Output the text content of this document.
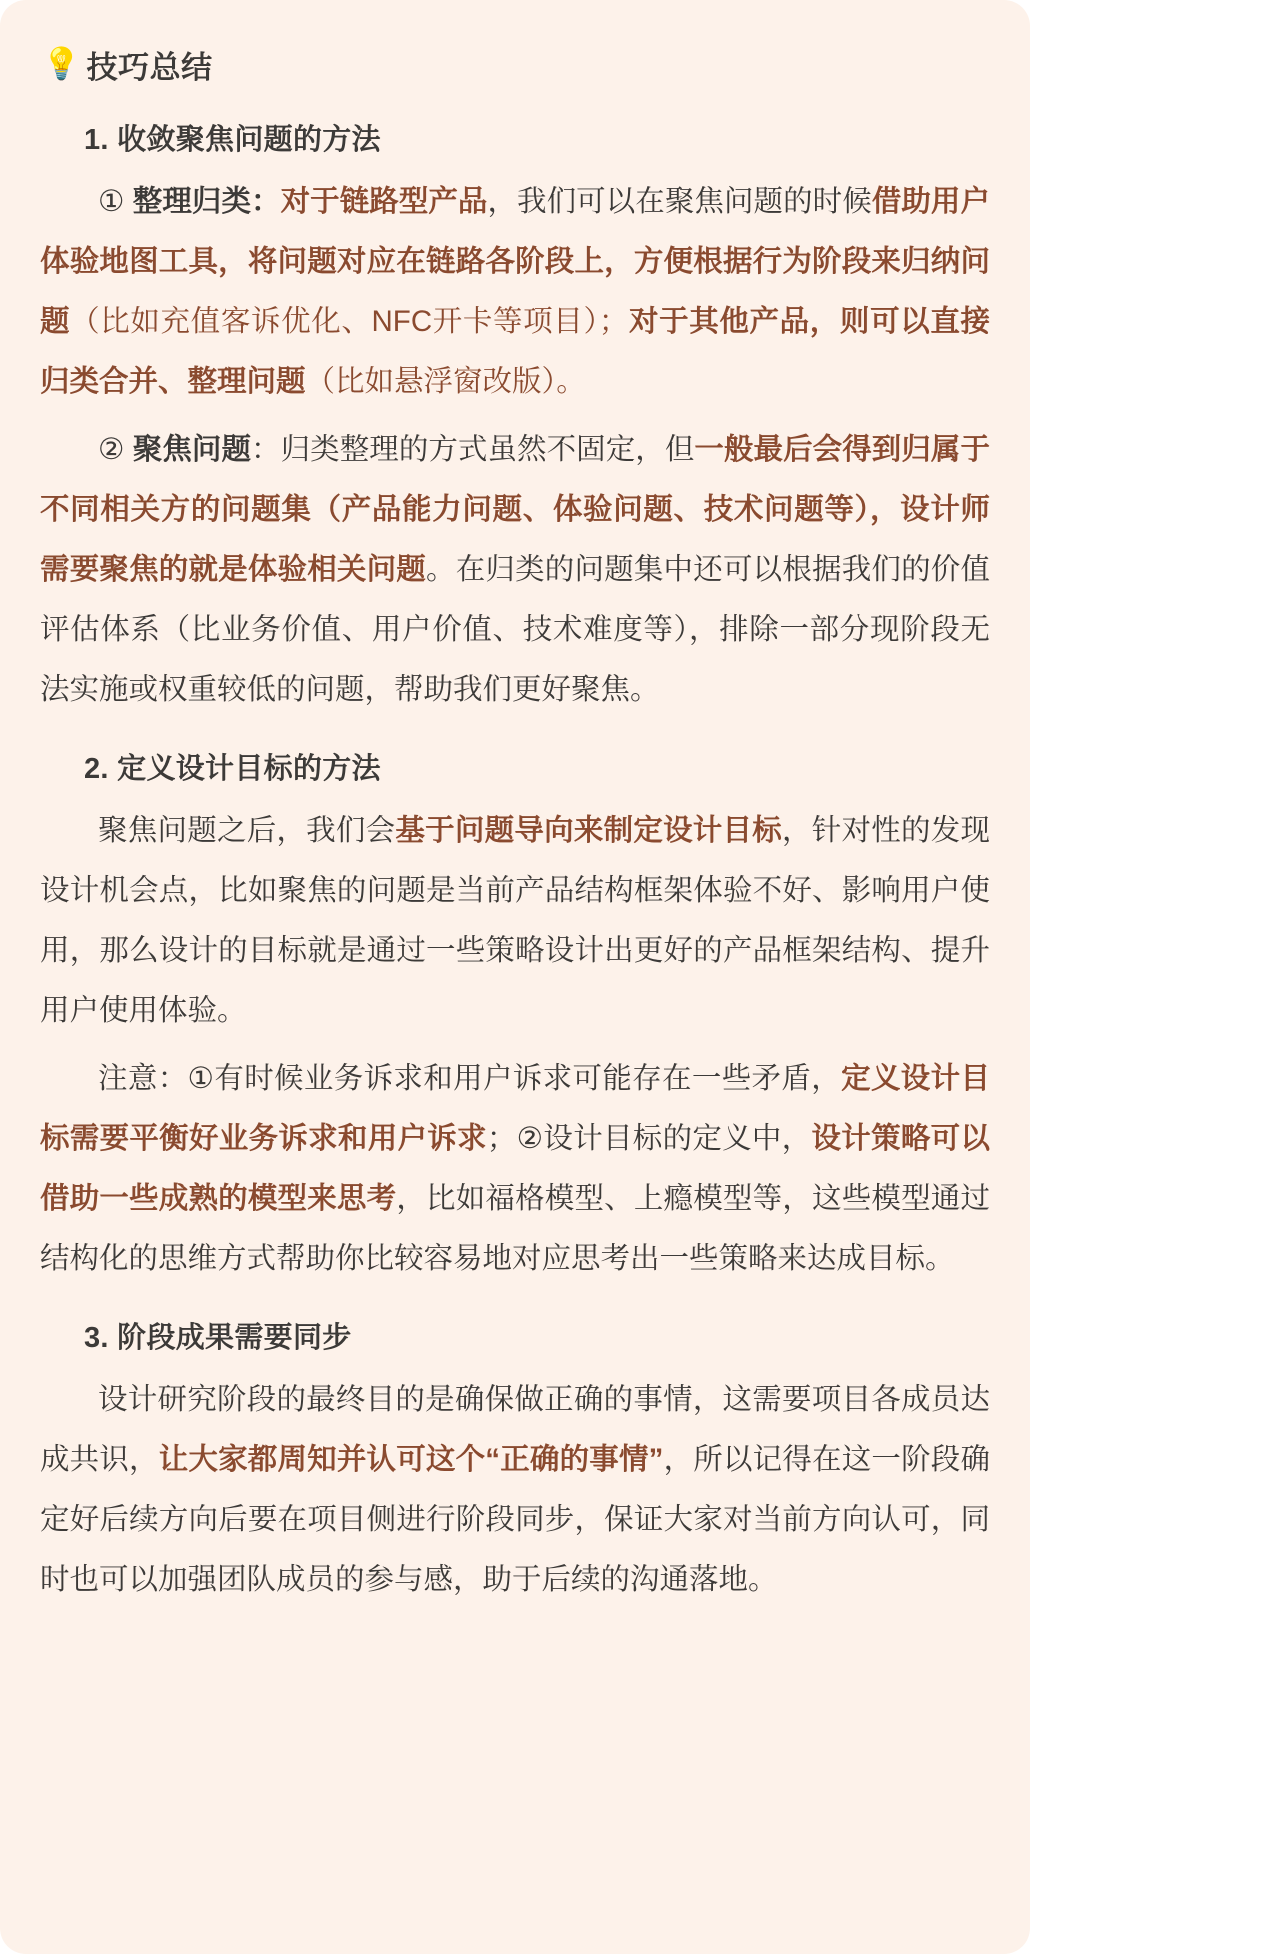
💡 技巧总结
1. 收敛聚焦问题的方法

① 整理归类：对于链路型产品，我们可以在聚焦问题的时候借助用户体验地图工具，将问题对应在链路各阶段上，方便根据行为阶段来归纳问题（比如充值客诉优化、NFC开卡等项目）；对于其他产品，则可以直接归类合并、整理问题（比如悬浮窗改版）。

② 聚焦问题：归类整理的方式虽然不固定，但一般最后会得到归属于不同相关方的问题集（产品能力问题、体验问题、技术问题等），设计师需要聚焦的就是体验相关问题。在归类的问题集中还可以根据我们的价值评估体系（比业务价值、用户价值、技术难度等），排除一部分现阶段无法实施或权重较低的问题，帮助我们更好聚焦。

2. 定义设计目标的方法

聚焦问题之后，我们会基于问题导向来制定设计目标，针对性的发现设计机会点，比如聚焦的问题是当前产品结构框架体验不好、影响用户使用，那么设计的目标就是通过一些策略设计出更好的产品框架结构、提升用户使用体验。

注意：①有时候业务诉求和用户诉求可能存在一些矛盾，定义设计目标需要平衡好业务诉求和用户诉求；②设计目标的定义中，设计策略可以借助一些成熟的模型来思考，比如福格模型、上瘾模型等，这些模型通过结构化的思维方式帮助你比较容易地对应思考出一些策略来达成目标。

3. 阶段成果需要同步

设计研究阶段的最终目的是确保做正确的事情，这需要项目各成员达成共识，让大家都周知并认可这个“正确的事情”，所以记得在这一阶段确定好后续方向后要在项目侧进行阶段同步，保证大家对当前方向认可，同时也可以加强团队成员的参与感，助于后续的沟通落地。
